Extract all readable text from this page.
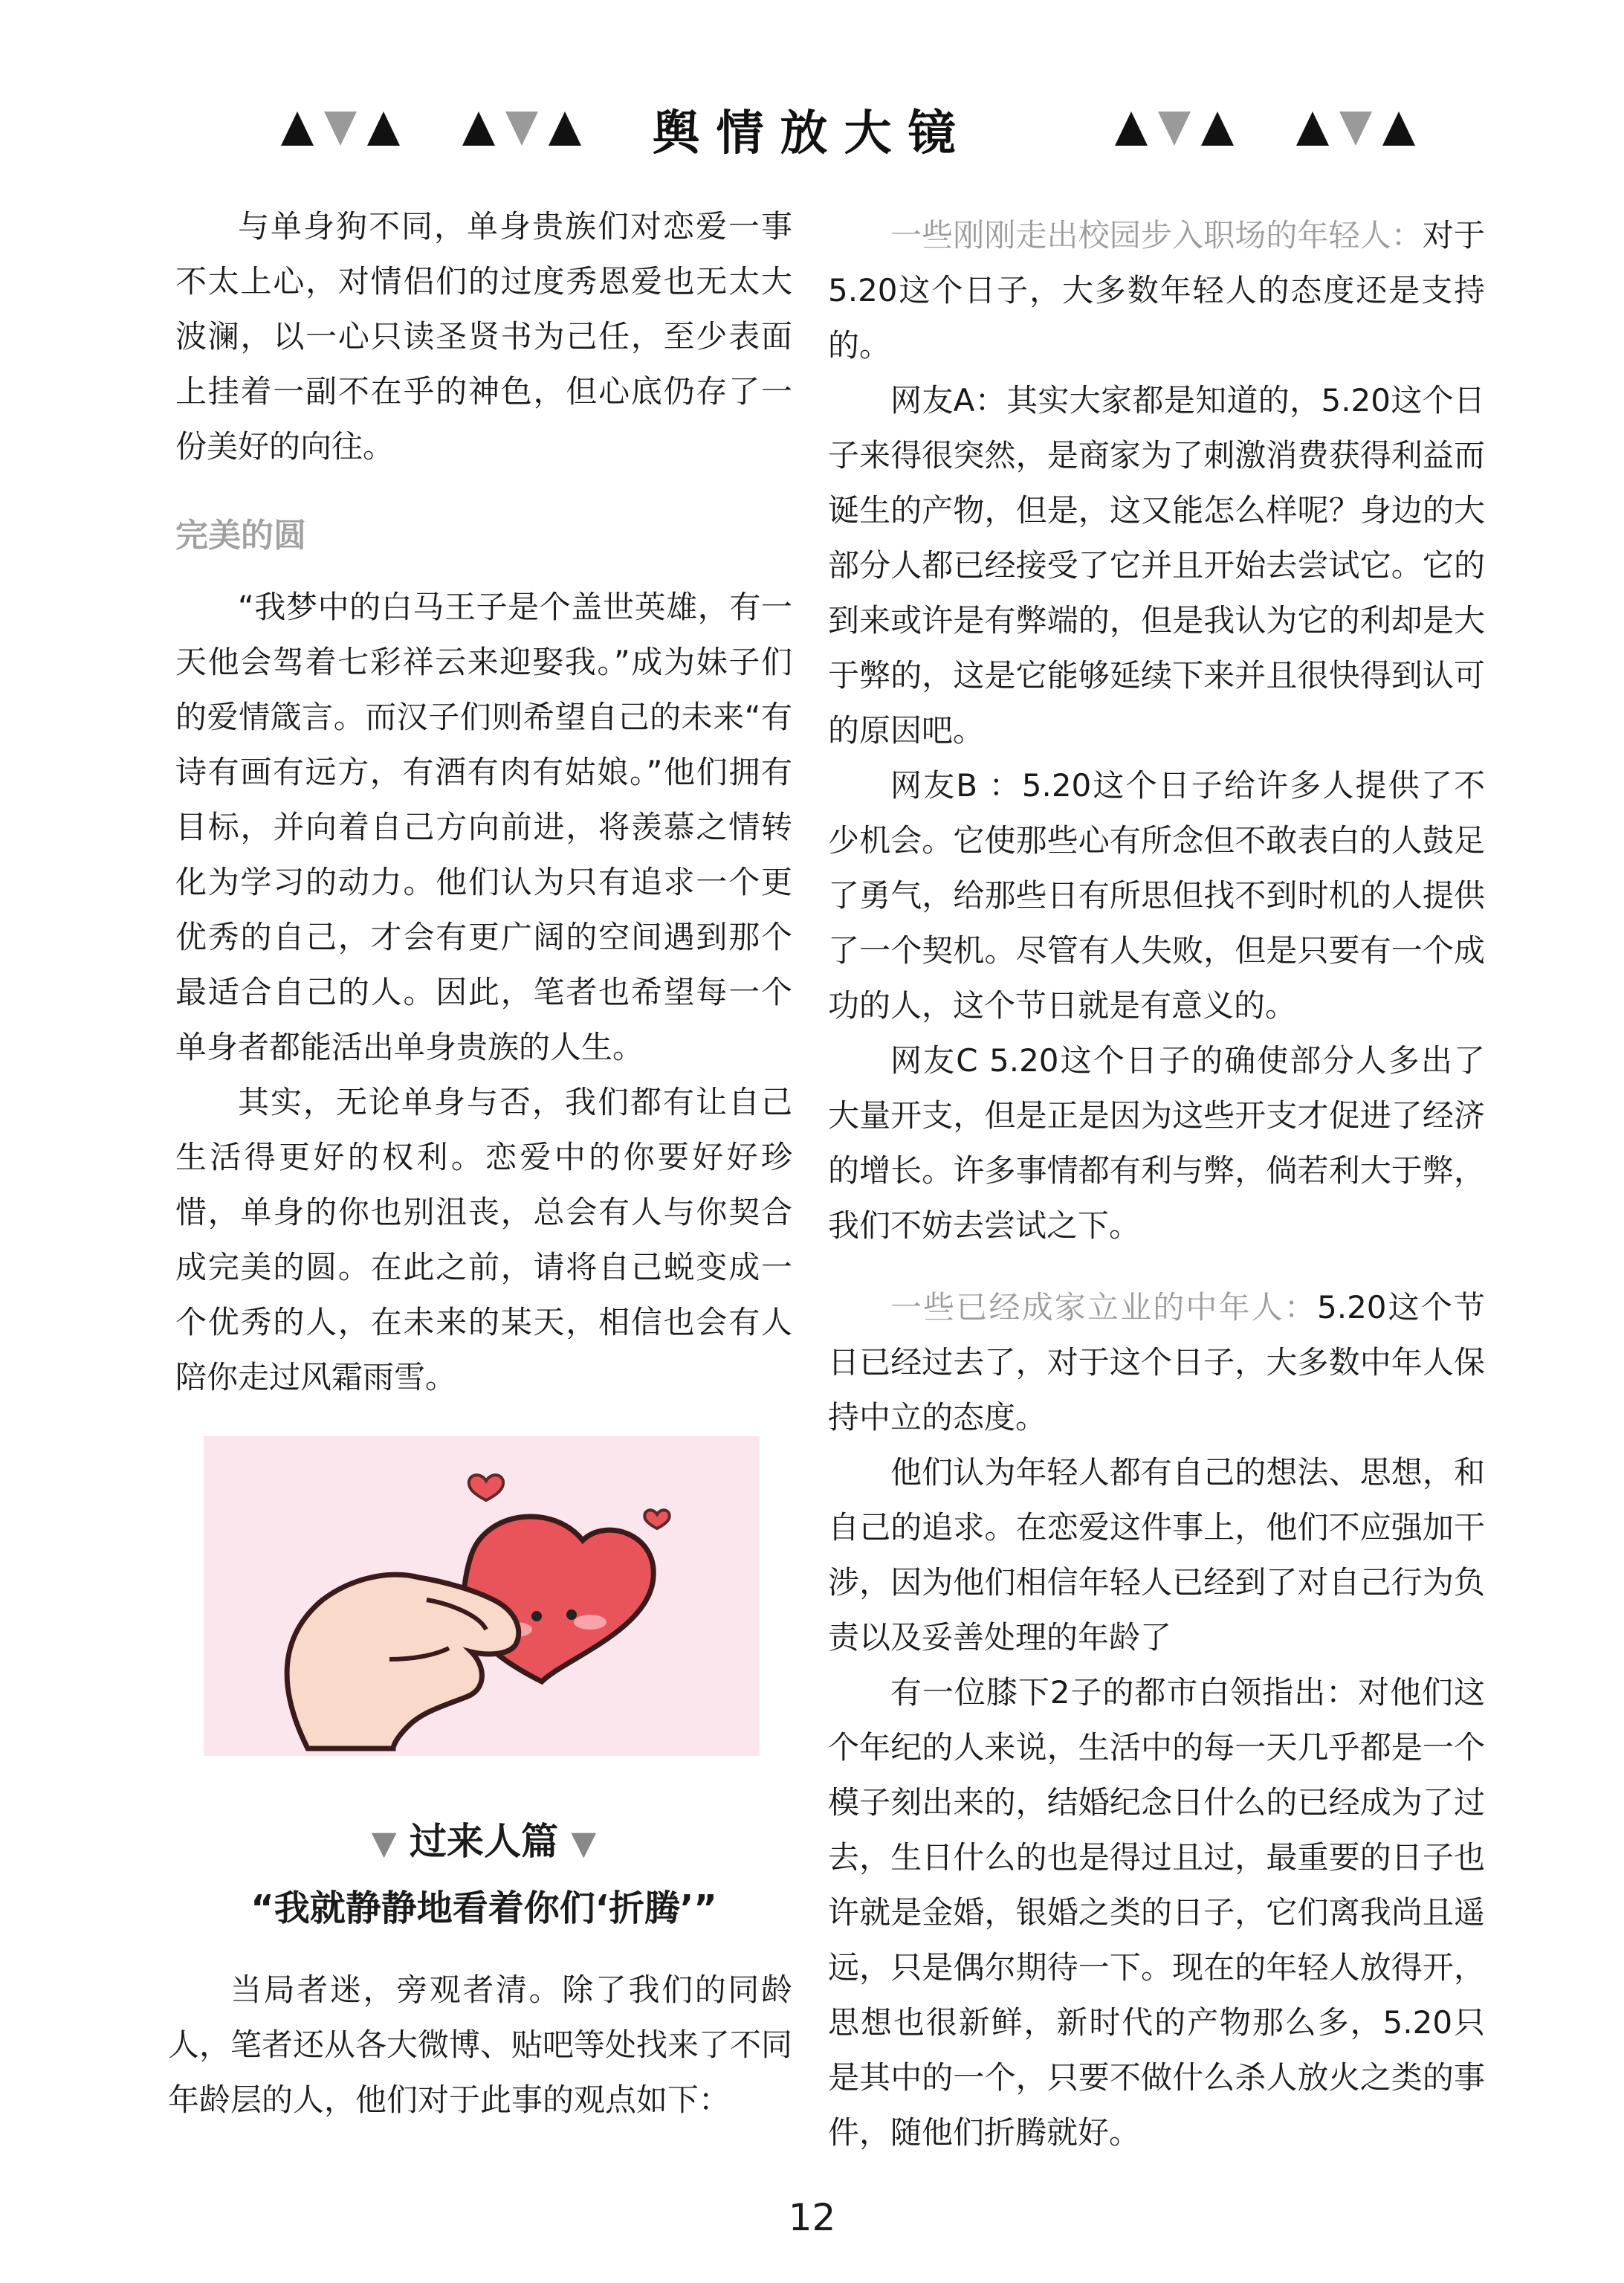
舆情放大镜

与单身狗不同，单身贵族们对恋爱一事不太上心，对情侣们的过度秀恩爱也无太大波澜，以一心只读圣贤书为己任，至少表面上挂着一副不在乎的神色，但心底仍存了一份美好的向往。

完美的圆

“我梦中的白马王子是个盖世英雄，有一天他会驾着七彩祥云来迎娶我。”成为妹子们的爱情箴言。而汉子们则希望自己的未来“有诗有画有远方，有酒有肉有姑娘。”他们拥有目标，并向着自己方向前进，将羡慕之情转化为学习的动力。他们认为只有追求一个更优秀的自己，才会有更广阔的空间遇到那个最适合自己的人。因此，笔者也希望每一个单身者都能活出单身贵族的人生。

其实，无论单身与否，我们都有让自己生活得更好的权利。恋爱中的你要好好珍惜，单身的你也别沮丧，总会有人与你契合成完美的圆。在此之前，请将自己蜕变成一个优秀的人，在未来的某天，相信也会有人陪你走过风霜雨雪。

▼ 过来人篇 ▼
“我就静静地看着你们‘折腾’”

当局者迷，旁观者清。除了我们的同龄人，笔者还从各大微博、贴吧等处找来了不同年龄层的人，他们对于此事的观点如下：

一些刚刚走出校园步入职场的年轻人：对于5.20这个日子，大多数年轻人的态度还是支持的。

网友A：其实大家都是知道的，5.20这个日子来得很突然，是商家为了刺激消费获得利益而诞生的产物，但是，这又能怎么样呢？身边的大部分人都已经接受了它并且开始去尝试它。它的到来或许是有弊端的，但是我认为它的利却是大于弊的，这是它能够延续下来并且很快得到认可的原因吧。

网友B ：5.20这个日子给许多人提供了不少机会。它使那些心有所念但不敢表白的人鼓足了勇气，给那些日有所思但找不到时机的人提供了一个契机。尽管有人失败，但是只要有一个成功的人，这个节日就是有意义的。

网友C 5.20这个日子的确使部分人多出了大量开支，但是正是因为这些开支才促进了经济的增长。许多事情都有利与弊，倘若利大于弊，我们不妨去尝试之下。

一些已经成家立业的中年人：5.20这个节日已经过去了，对于这个日子，大多数中年人保持中立的态度。

他们认为年轻人都有自己的想法、思想，和自己的追求。在恋爱这件事上，他们不应强加干涉，因为他们相信年轻人已经到了对自己行为负责以及妥善处理的年龄了

有一位膝下2子的都市白领指出：对他们这个年纪的人来说，生活中的每一天几乎都是一个模子刻出来的，结婚纪念日什么的已经成为了过去，生日什么的也是得过且过，最重要的日子也许就是金婚，银婚之类的日子，它们离我尚且遥远，只是偶尔期待一下。现在的年轻人放得开，思想也很新鲜，新时代的产物那么多，5.20只是其中的一个，只要不做什么杀人放火之类的事件，随他们折腾就好。

12
